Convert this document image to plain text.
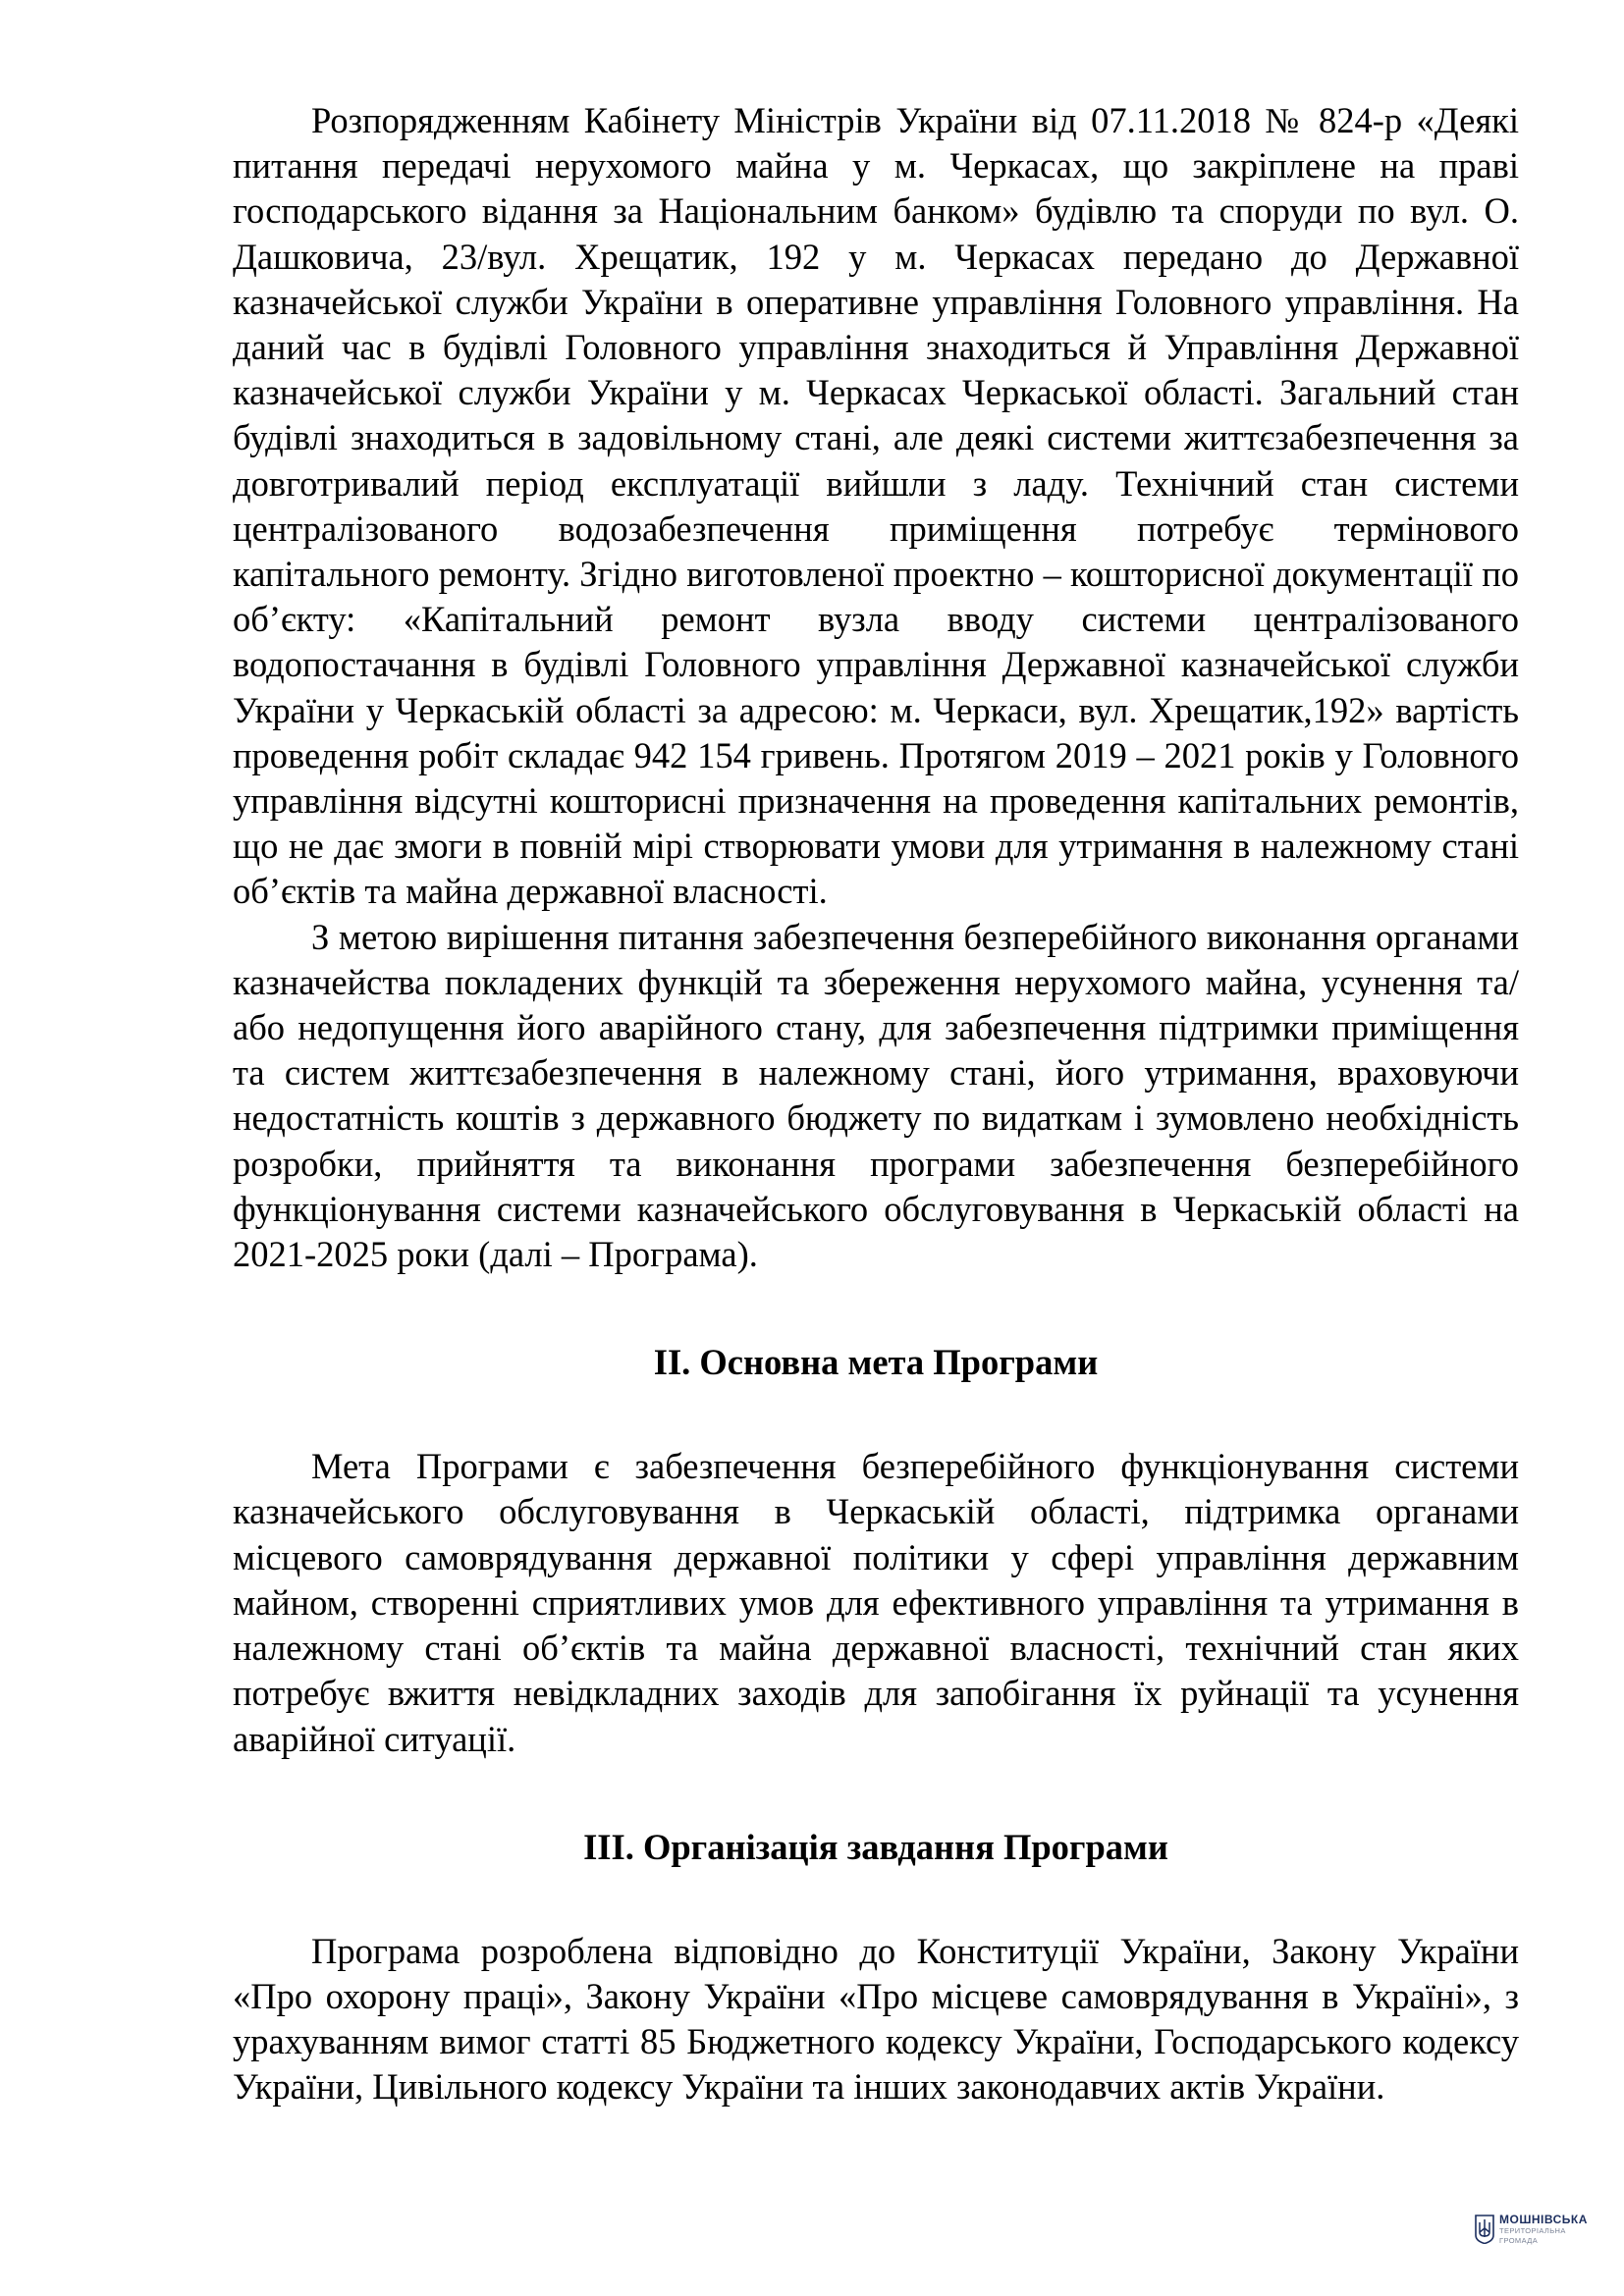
Розпорядженням Кабінету Міністрів України від 07.11.2018 № 824-р «Деякі питання передачі нерухомого майна у м. Черкасах, що закріплене на праві господарського відання за Національним банком» будівлю та споруди по вул. О. Дашковича, 23/вул. Хрещатик, 192 у м. Черкасах передано до Державної казначейської служби України в оперативне управління Головного управління. На даний час в будівлі Головного управління знаходиться й Управління Державної казначейської служби України у м. Черкасах Черкаської області. Загальний стан будівлі знаходиться в задовільному стані, але деякі системи життєзабезпечення за довготривалий період експлуатації вийшли з ладу. Технічний стан системи централізованого водозабезпечення приміщення потребує термінового капітального ремонту. Згідно виготовленої проектно – кошторисної документації по об’єкту: «Капітальний ремонт вузла вводу системи централізованого водопостачання в будівлі Головного управління Державної казначейської служби України у Черкаській області за адресою: м. Черкаси, вул. Хрещатик,192» вартість проведення робіт складає 942 154 гривень. Протягом 2019 – 2021 років у Головного управління відсутні кошторисні призначення на проведення капітальних ремонтів, що не дає змоги в повній мірі створювати умови для утримання в належному стані об’єктів та майна державної власності.

З метою вирішення питання забезпечення безперебійного виконання органами казначейства покладених функцій та збереження нерухомого майна, усунення та/або недопущення його аварійного стану, для забезпечення підтримки приміщення та систем життєзабезпечення в належному стані, його утримання, враховуючи недостатність коштів з державного бюджету по видаткам і зумовлено необхідність розробки, прийняття та виконання програми забезпечення безперебійного функціонування системи казначейського обслуговування в Черкаській області на 2021-2025 роки (далі – Програма).

ІІ. Основна мета Програми

Мета Програми є забезпечення безперебійного функціонування системи казначейського обслуговування в Черкаській області, підтримка органами місцевого самоврядування державної політики у сфері управління державним майном, створенні сприятливих умов для ефективного управління та утримання в належному стані об’єктів та майна державної власності, технічний стан яких потребує вжиття невідкладних заходів для запобігання їх руйнації та усунення аварійної ситуації.

ІІІ. Організація завдання Програми

Програма розроблена відповідно до Конституції України, Закону України «Про охорону праці», Закону України «Про місцеве самоврядування в Україні», з урахуванням вимог статті 85 Бюджетного кодексу України, Господарського кодексу України, Цивільного кодексу України та інших законодавчих актів України.

МОШНІВСЬКА
ТЕРИТОРІАЛЬНА
ГРОМАДА
